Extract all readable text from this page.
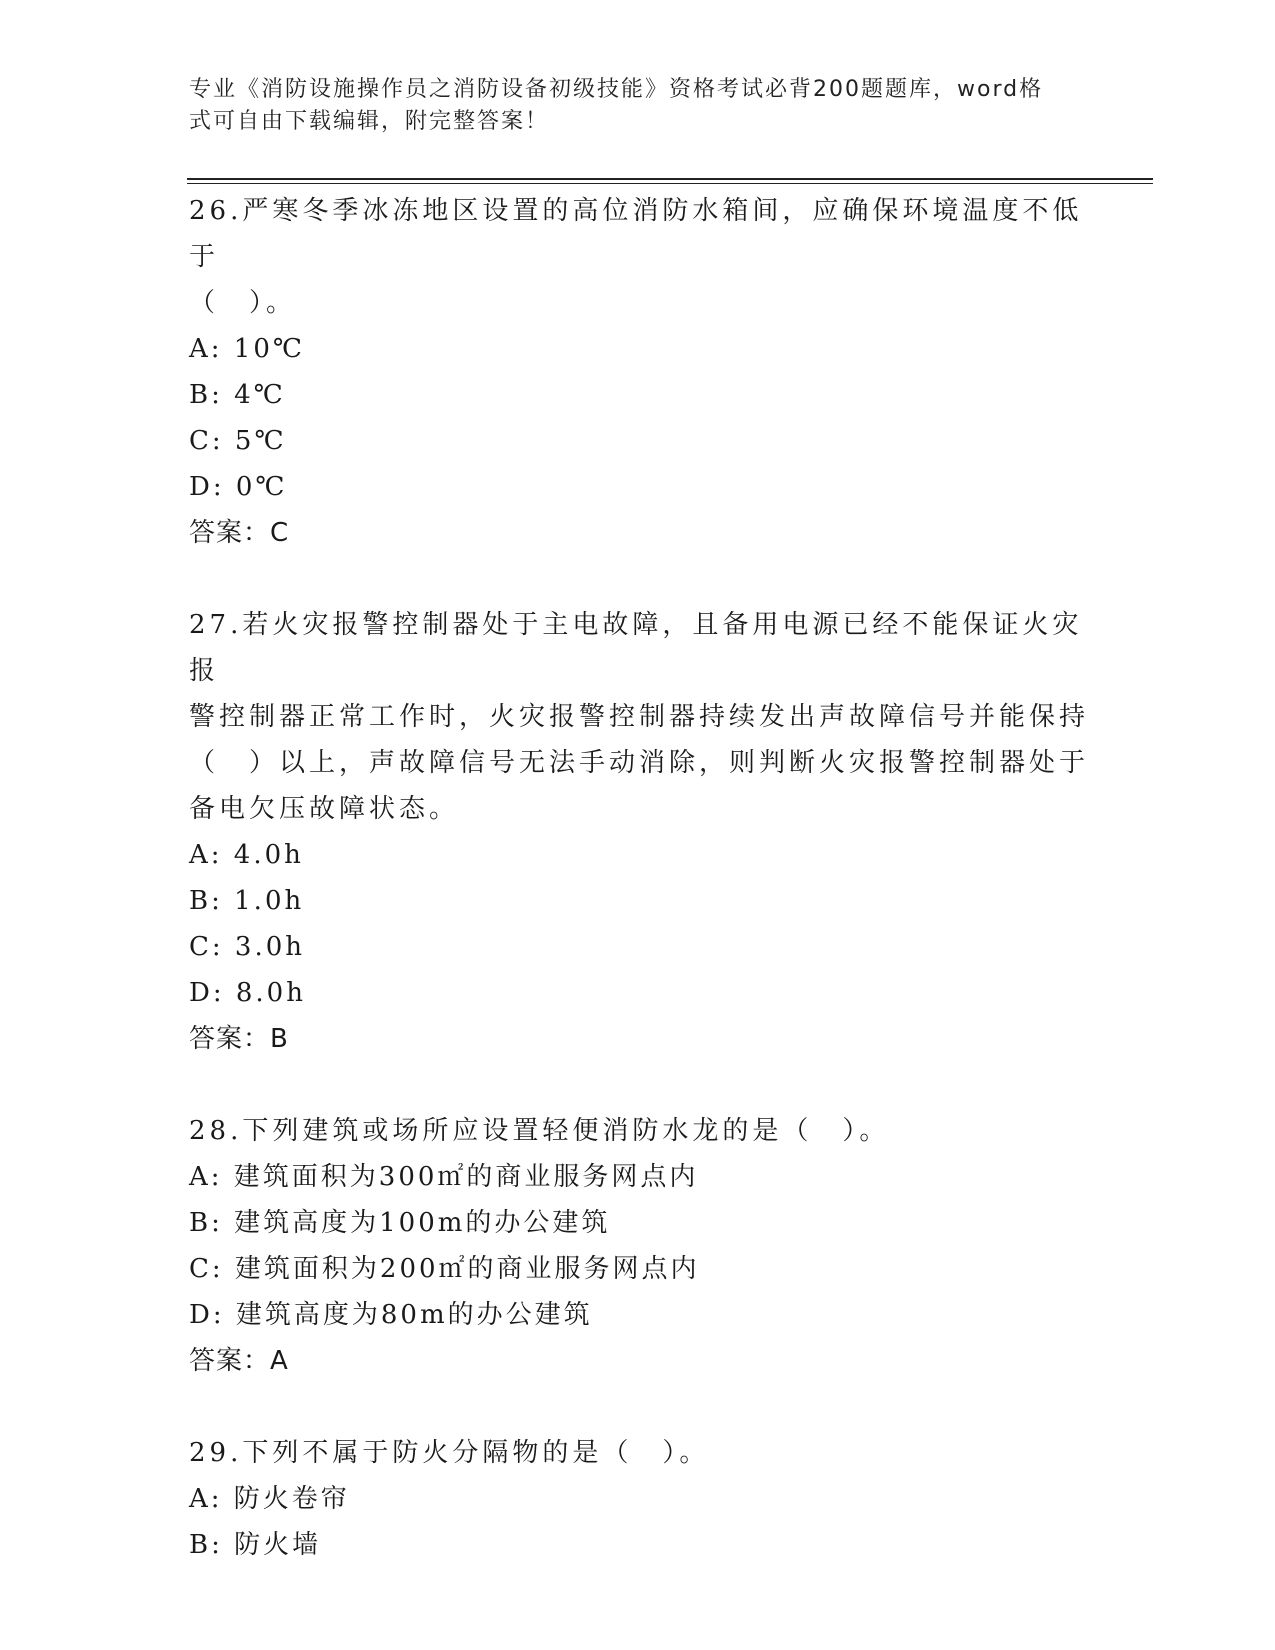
专业《消防设施操作员之消防设备初级技能》资格考试必背200题题库，word格
式可自由下载编辑，附完整答案！

26.严寒冬季冰冻地区设置的高位消防水箱间，应确保环境温度不低于

（　）。

A: 10℃

B: 4℃

C: 5℃

D: 0℃

答案：C

27.若火灾报警控制器处于主电故障，且备用电源已经不能保证火灾报

警控制器正常工作时，火灾报警控制器持续发出声故障信号并能保持

（　）以上，声故障信号无法手动消除，则判断火灾报警控制器处于

备电欠压故障状态。

A: 4.0h

B: 1.0h

C: 3.0h

D: 8.0h

答案：B

28.下列建筑或场所应设置轻便消防水龙的是（　）。

A: 建筑面积为300㎡的商业服务网点内

B: 建筑高度为100m的办公建筑

C: 建筑面积为200㎡的商业服务网点内

D: 建筑高度为80m的办公建筑

答案：A

29.下列不属于防火分隔物的是（　）。

A: 防火卷帘

B: 防火墙
